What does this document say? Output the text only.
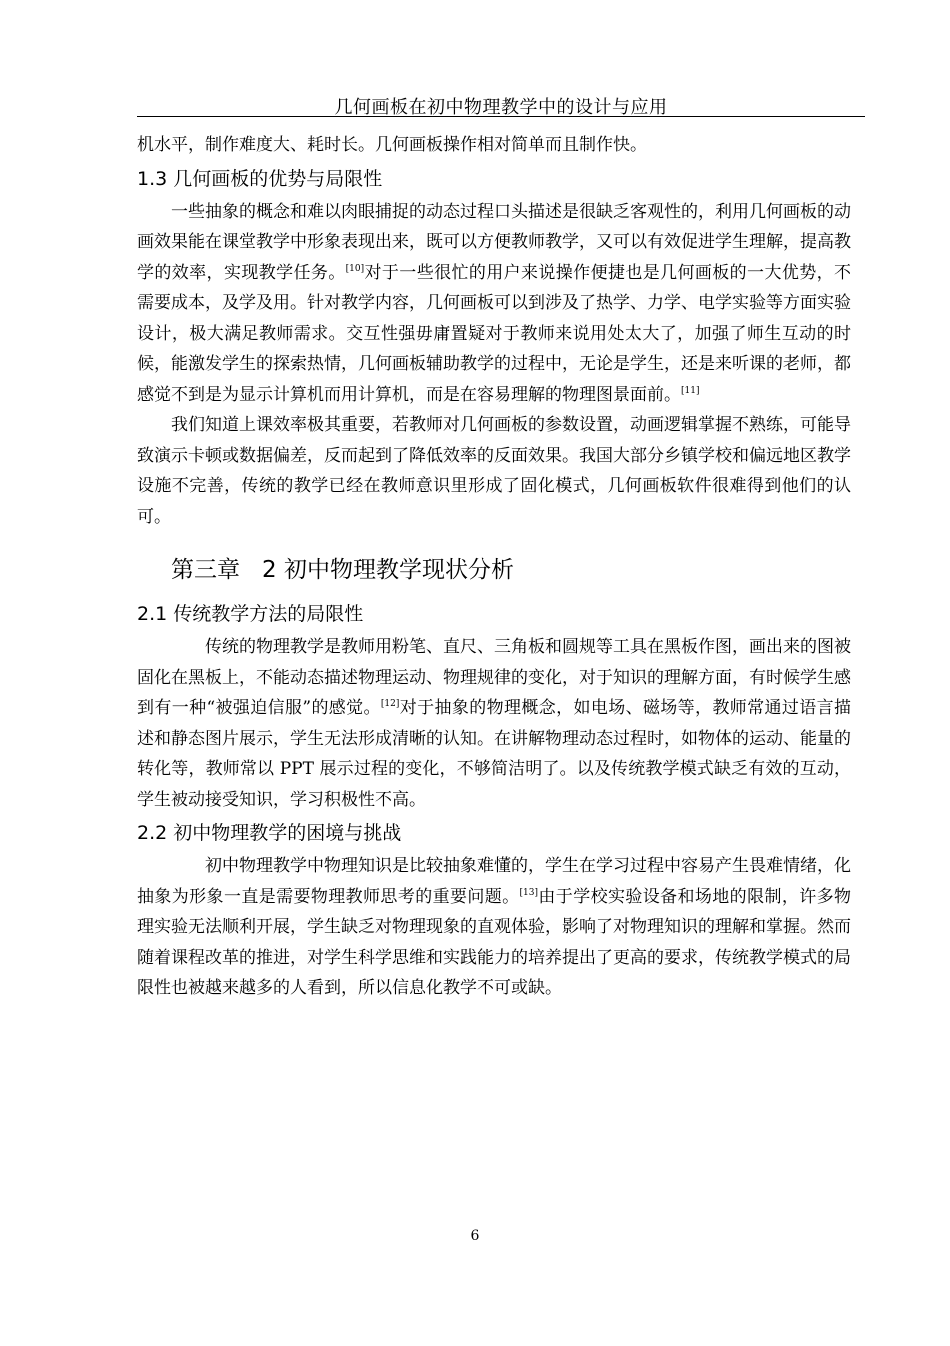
几何画板在初中物理教学中的设计与应用

机水平，制作难度大、耗时长。几何画板操作相对简单而且制作快。

1.3 几何画板的优势与局限性

一些抽象的概念和难以肉眼捕捉的动态过程口头描述是很缺乏客观性的，利用几何画板的动画效果能在课堂教学中形象表现出来，既可以方便教师教学，又可以有效促进学生理解，提高教学的效率，实现教学任务。[10]对于一些很忙的用户来说操作便捷也是几何画板的一大优势，不需要成本，及学及用。针对教学内容，几何画板可以到涉及了热学、力学、电学实验等方面实验设计，极大满足教师需求。交互性强毋庸置疑对于教师来说用处太大了，加强了师生互动的时候，能激发学生的探索热情，几何画板辅助教学的过程中，无论是学生，还是来听课的老师，都感觉不到是为显示计算机而用计算机，而是在容易理解的物理图景面前。[11]

我们知道上课效率极其重要，若教师对几何画板的参数设置，动画逻辑掌握不熟练，可能导致演示卡顿或数据偏差，反而起到了降低效率的反面效果。我国大部分乡镇学校和偏远地区教学设施不完善，传统的教学已经在教师意识里形成了固化模式，几何画板软件很难得到他们的认可。

第三章 2 初中物理教学现状分析
2.1 传统教学方法的局限性

传统的物理教学是教师用粉笔、直尺、三角板和圆规等工具在黑板作图，画出来的图被固化在黑板上，不能动态描述物理运动、物理规律的变化，对于知识的理解方面，有时候学生感到有一种“被强迫信服”的感觉。[12]对于抽象的物理概念，如电场、磁场等，教师常通过语言描述和静态图片展示，学生无法形成清晰的认知。在讲解物理动态过程时，如物体的运动、能量的转化等，教师常以 PPT 展示过程的变化，不够简洁明了。以及传统教学模式缺乏有效的互动，学生被动接受知识，学习积极性不高。

2.2 初中物理教学的困境与挑战

初中物理教学中物理知识是比较抽象难懂的，学生在学习过程中容易产生畏难情绪，化抽象为形象一直是需要物理教师思考的重要问题。[13]由于学校实验设备和场地的限制，许多物理实验无法顺利开展，学生缺乏对物理现象的直观体验，影响了对物理知识的理解和掌握。然而随着课程改革的推进，对学生科学思维和实践能力的培养提出了更高的要求，传统教学模式的局限性也被越来越多的人看到，所以信息化教学不可或缺。

6
